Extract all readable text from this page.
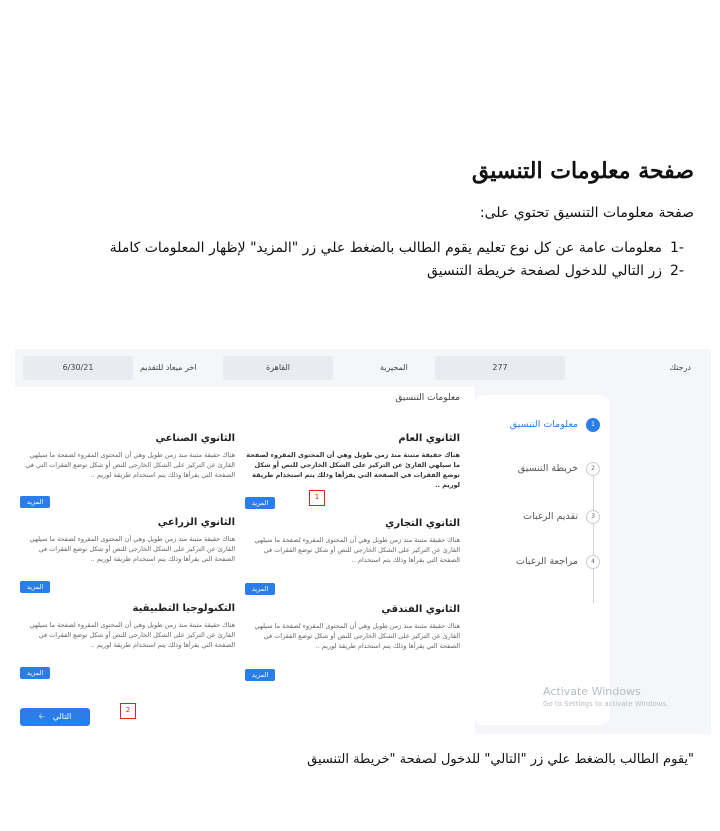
صفحة معلومات التنسيق
صفحة معلومات التنسيق تحتوي على:
-1معلومات عامة عن كل نوع تعليم يقوم الطالب بالضغط علي زر "المزيد" لإظهار المعلومات كاملة
-2زر التالي للدخول لصفحة خريطة التنسيق
درجتك
277
المحيرية
القاهرة
اخر ميعاد للتقديم
6/30/21
معلومات التنسيق
الثانوي العام
هناك حقيقة مثبتة منذ زمن طويل وهي أن المحتوى المقروء لصفحة ما سيلهي القارئ عن التركيز على الشكل الخارجي للنص أو شكل توضع الفقرات في الصفحة التي يقرأها وذلك يتم استخدام طريقة لوريم ..
المزيد
الثانوي الصناعي
هناك حقيقة مثبتة منذ زمن طويل وهي أن المحتوى المقروء لصفحة ما سيلهي القارئ عن التركيز على الشكل الخارجي للنص أو شكل توضع الفقرات التي في الصفحة التي يقرأها وذلك يتم استخدام طريقة لوريم ..
المزيد
الثانوي التجاري
هناك حقيقة مثبتة منذ زمن طويل وهي أن المحتوى المقروء لصفحة ما سيلهي القارئ عن التركيز على الشكل الخارجي للنص أو شكل توضع الفقرات في الصفحة التي يقرأها وذلك يتم استخدام ..
المزيد
الثانوي الزراعي
هناك حقيقة مثبتة منذ زمن طويل وهي أن المحتوى المقروء لصفحة ما سيلهي القارئ عن التركيز على الشكل الخارجي للنص أو شكل توضع الفقرات في الصفحة التي يقرأها وذلك يتم استخدام طريقة لوريم ..
المزيد
الثانوي الفندقي
هناك حقيقة مثبتة منذ زمن طويل وهي أن المحتوى المقروء لصفحة ما سيلهي القارئ عن التركيز على الشكل الخارجي للنص أو شكل توضع الفقرات في الصفحة التي يقرأها وذلك يتم استخدام طريقة لوريم ..
المزيد
التكنولوجيا التطبيقية
هناك حقيقة مثبتة منذ زمن طويل وهي أن المحتوى المقروء لصفحة ما سيلهي القارئ عن التركيز على الشكل الخارجي للنص أو شكل توضع الفقرات في الصفحة التي يقرأها وذلك يتم استخدام طريقة لوريم ..
المزيد
1
2
التالي 🡠
1
معلومات التنسيق
2
خريطة التنسيق
3
تقديم الرغبات
4
مراجعة الرغبات
Activate Windows
Go to Settings to activate Windows.
"يقوم الطالب بالضغط علي زر "التالي" للدخول لصفحة "خريطة التنسيق
